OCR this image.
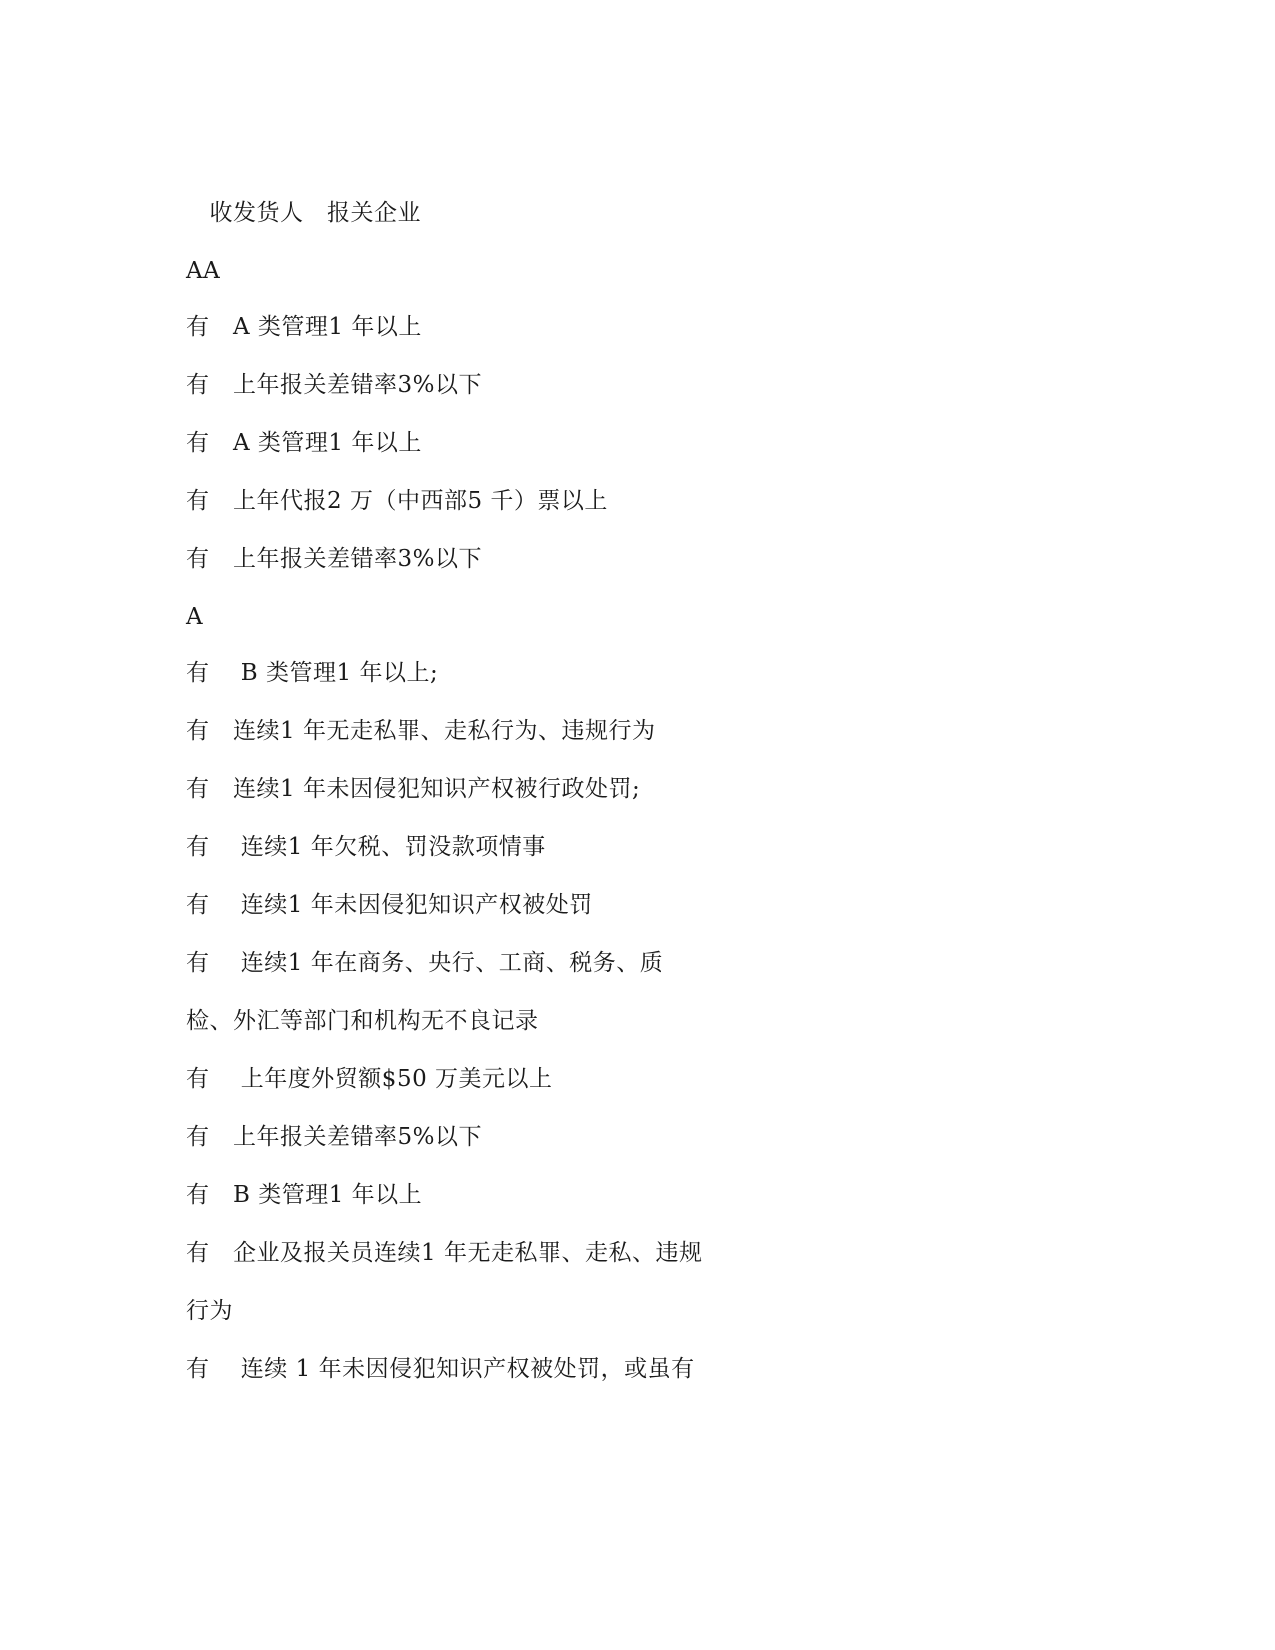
　收发货人　报关企业
AA
有　A 类管理1 年以上
有　上年报关差错率3%以下
有　A 类管理1 年以上
有　上年代报2 万（中西部5 千）票以上
有　上年报关差错率3%以下
A
有　 B 类管理1 年以上;
有　连续1 年无走私罪、走私行为、违规行为
有　连续1 年未因侵犯知识产权被行政处罚;
有　 连续1 年欠税、罚没款项情事
有　 连续1 年未因侵犯知识产权被处罚
有　 连续1 年在商务、央行、工商、税务、质
检、外汇等部门和机构无不良记录
有　 上年度外贸额$50 万美元以上
有　上年报关差错率5%以下
有　B 类管理1 年以上
有　企业及报关员连续1 年无走私罪、走私、违规
行为
有　 连续 1 年未因侵犯知识产权被处罚，或虽有
